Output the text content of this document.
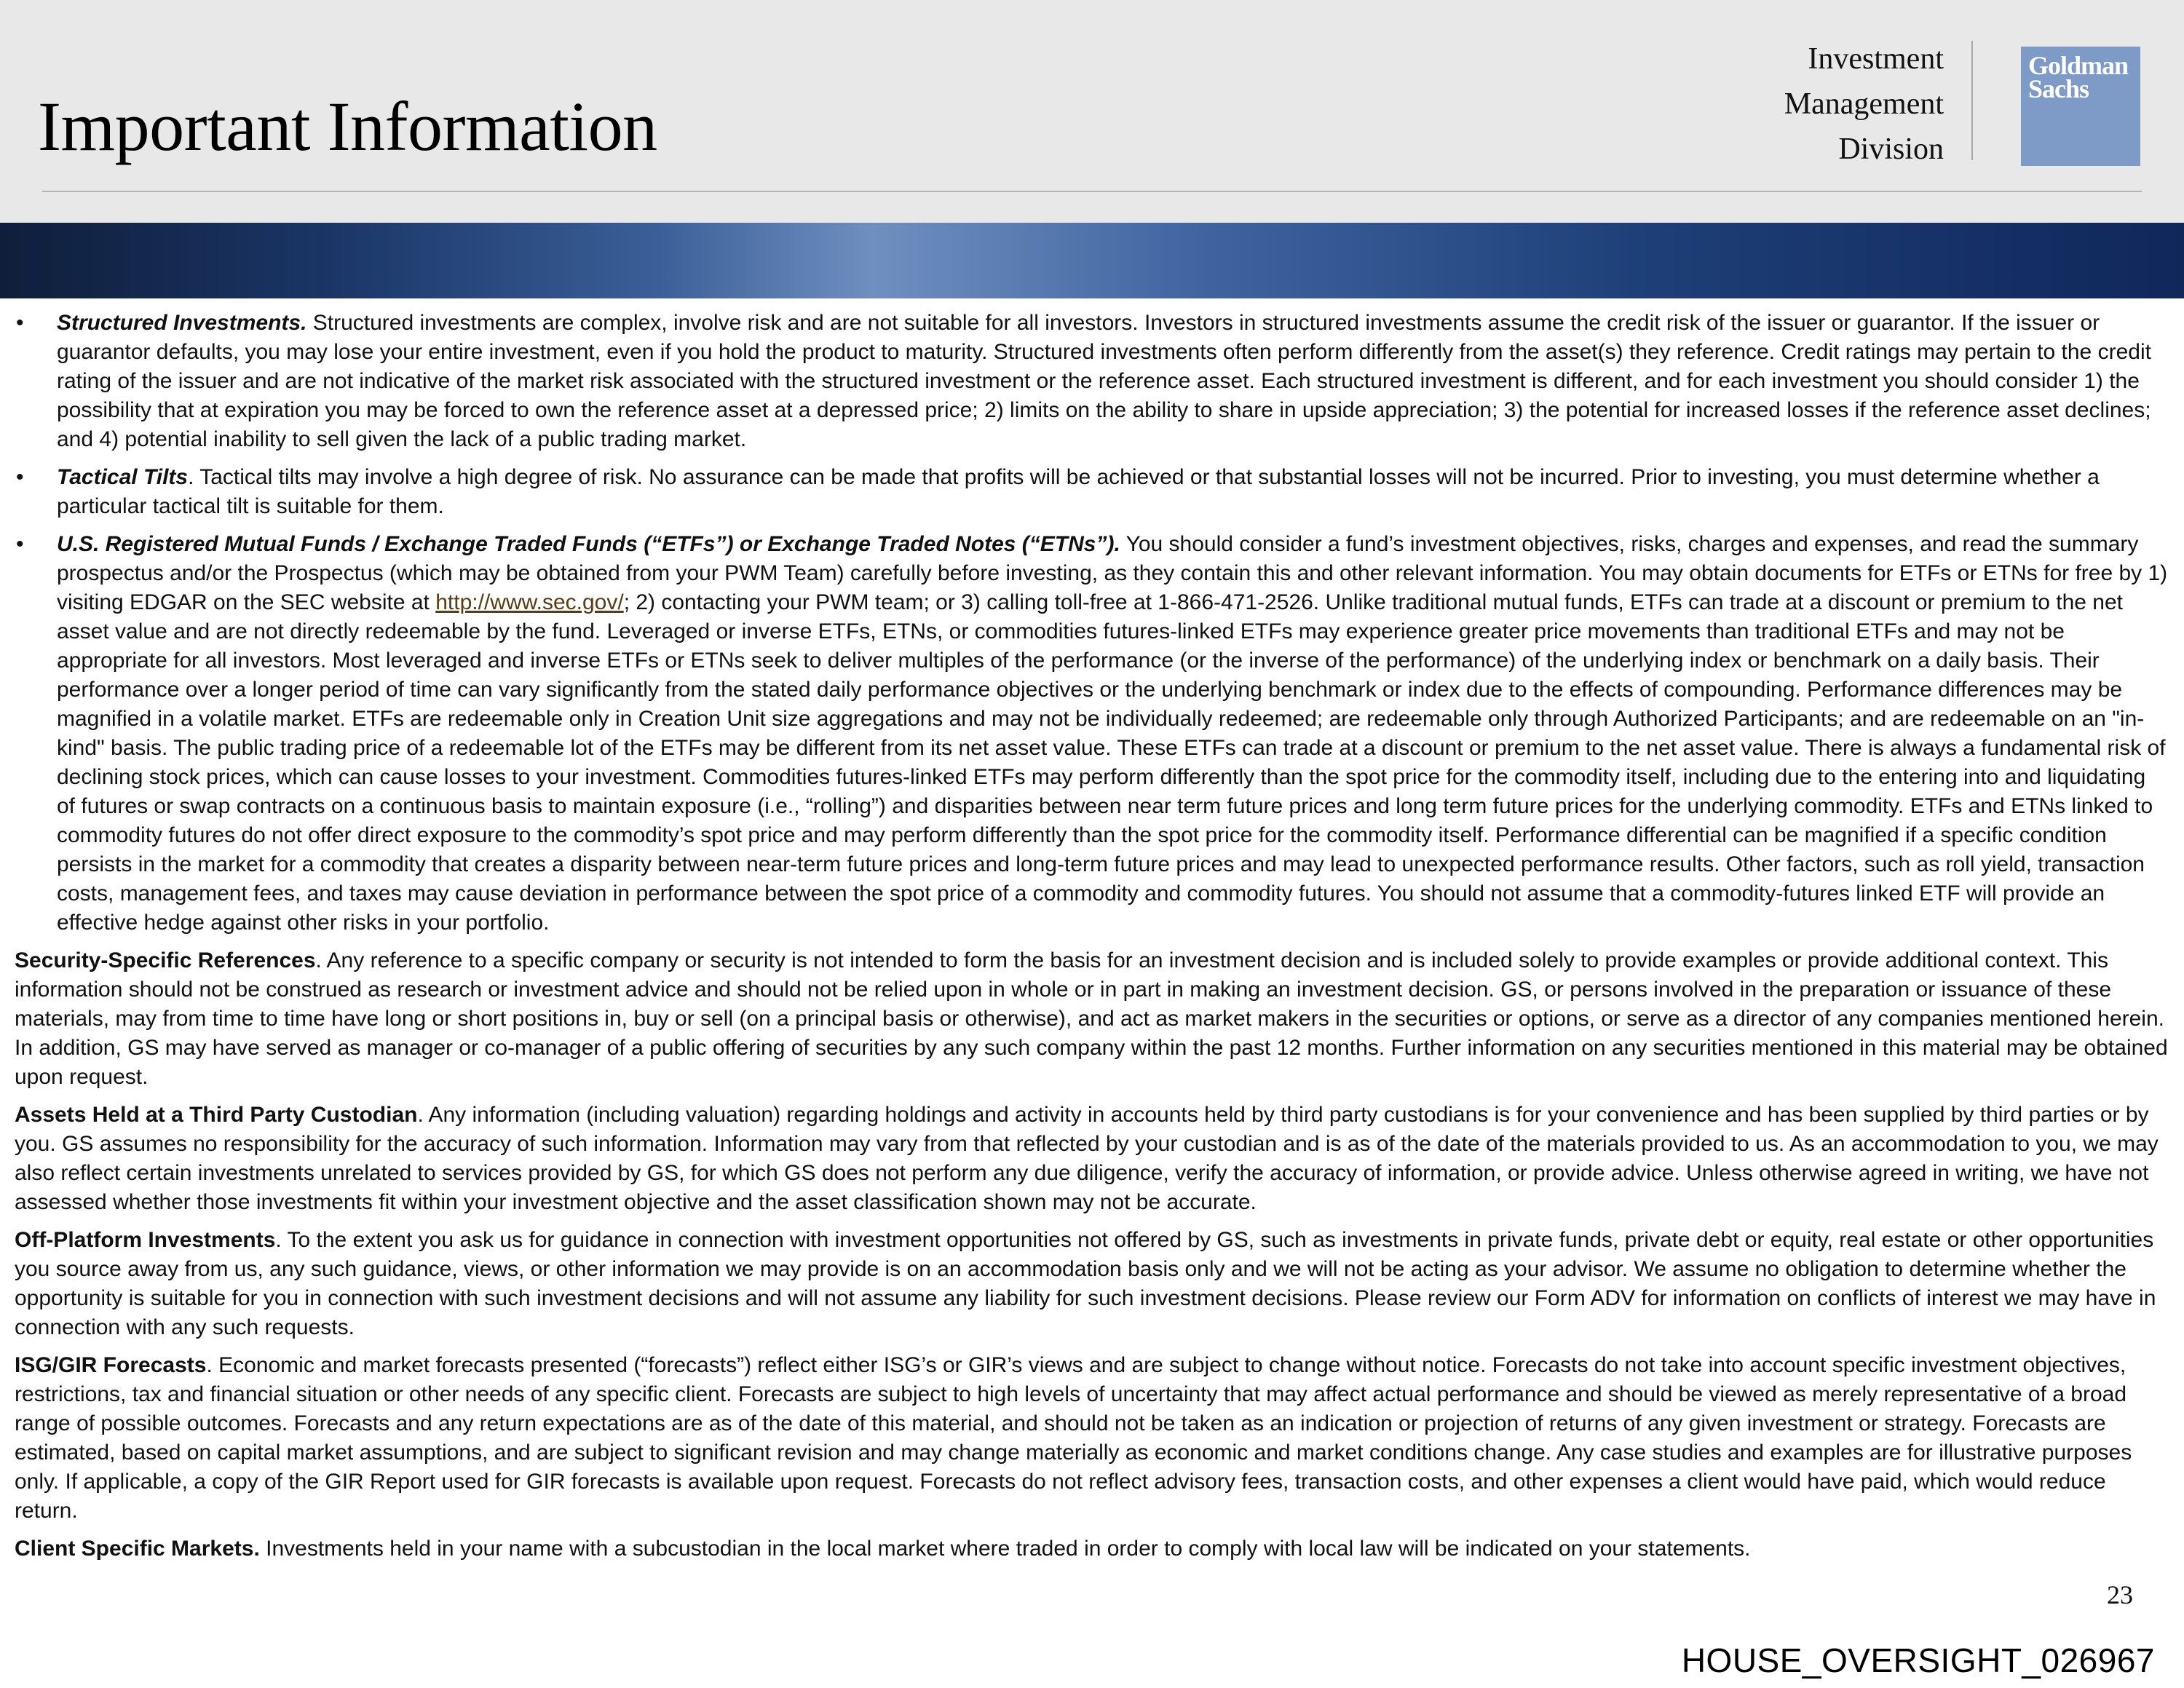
Important Information
Investment
Management
Division
Goldman
Sachs
• Structured Investments. Structured investments are complex, involve risk and are not suitable for all investors. Investors in structured investments assume the credit risk of the issuer or guarantor. If the issuer or guarantor defaults, you may lose your entire investment, even if you hold the product to maturity. Structured investments often perform differently from the asset(s) they reference. Credit ratings may pertain to the credit rating of the issuer and are not indicative of the market risk associated with the structured investment or the reference asset. Each structured investment is different, and for each investment you should consider 1) the possibility that at expiration you may be forced to own the reference asset at a depressed price; 2) limits on the ability to share in upside appreciation; 3) the potential for increased losses if the reference asset declines; and 4) potential inability to sell given the lack of a public trading market.
• Tactical Tilts. Tactical tilts may involve a high degree of risk. No assurance can be made that profits will be achieved or that substantial losses will not be incurred. Prior to investing, you must determine whether a particular tactical tilt is suitable for them.
• U.S. Registered Mutual Funds / Exchange Traded Funds (“ETFs”) or Exchange Traded Notes (“ETNs”). You should consider a fund’s investment objectives, risks, charges and expenses, and read the summary prospectus and/or the Prospectus (which may be obtained from your PWM Team) carefully before investing, as they contain this and other relevant information. You may obtain documents for ETFs or ETNs for free by 1) visiting EDGAR on the SEC website at http://www.sec.gov/; 2) contacting your PWM team; or 3) calling toll-free at 1-866-471-2526. Unlike traditional mutual funds, ETFs can trade at a discount or premium to the net asset value and are not directly redeemable by the fund. Leveraged or inverse ETFs, ETNs, or commodities futures-linked ETFs may experience greater price movements than traditional ETFs and may not be appropriate for all investors. Most leveraged and inverse ETFs or ETNs seek to deliver multiples of the performance (or the inverse of the performance) of the underlying index or benchmark on a daily basis. Their performance over a longer period of time can vary significantly from the stated daily performance objectives or the underlying benchmark or index due to the effects of compounding. Performance differences may be magnified in a volatile market. ETFs are redeemable only in Creation Unit size aggregations and may not be individually redeemed; are redeemable only through Authorized Participants; and are redeemable on an "in-kind" basis. The public trading price of a redeemable lot of the ETFs may be different from its net asset value. These ETFs can trade at a discount or premium to the net asset value. There is always a fundamental risk of declining stock prices, which can cause losses to your investment. Commodities futures-linked ETFs may perform differently than the spot price for the commodity itself, including due to the entering into and liquidating of futures or swap contracts on a continuous basis to maintain exposure (i.e., “rolling”) and disparities between near term future prices and long term future prices for the underlying commodity. ETFs and ETNs linked to commodity futures do not offer direct exposure to the commodity’s spot price and may perform differently than the spot price for the commodity itself. Performance differential can be magnified if a specific condition persists in the market for a commodity that creates a disparity between near-term future prices and long-term future prices and may lead to unexpected performance results. Other factors, such as roll yield, transaction costs, management fees, and taxes may cause deviation in performance between the spot price of a commodity and commodity futures. You should not assume that a commodity-futures linked ETF will provide an effective hedge against other risks in your portfolio.
Security-Specific References. Any reference to a specific company or security is not intended to form the basis for an investment decision and is included solely to provide examples or provide additional context. This information should not be construed as research or investment advice and should not be relied upon in whole or in part in making an investment decision. GS, or persons involved in the preparation or issuance of these materials, may from time to time have long or short positions in, buy or sell (on a principal basis or otherwise), and act as market makers in the securities or options, or serve as a director of any companies mentioned herein. In addition, GS may have served as manager or co-manager of a public offering of securities by any such company within the past 12 months. Further information on any securities mentioned in this material may be obtained upon request.
Assets Held at a Third Party Custodian. Any information (including valuation) regarding holdings and activity in accounts held by third party custodians is for your convenience and has been supplied by third parties or by you. GS assumes no responsibility for the accuracy of such information. Information may vary from that reflected by your custodian and is as of the date of the materials provided to us. As an accommodation to you, we may also reflect certain investments unrelated to services provided by GS, for which GS does not perform any due diligence, verify the accuracy of information, or provide advice. Unless otherwise agreed in writing, we have not assessed whether those investments fit within your investment objective and the asset classification shown may not be accurate.
Off-Platform Investments. To the extent you ask us for guidance in connection with investment opportunities not offered by GS, such as investments in private funds, private debt or equity, real estate or other opportunities you source away from us, any such guidance, views, or other information we may provide is on an accommodation basis only and we will not be acting as your advisor. We assume no obligation to determine whether the opportunity is suitable for you in connection with such investment decisions and will not assume any liability for such investment decisions. Please review our Form ADV for information on conflicts of interest we may have in connection with any such requests.
ISG/GIR Forecasts. Economic and market forecasts presented (“forecasts”) reflect either ISG’s or GIR’s views and are subject to change without notice. Forecasts do not take into account specific investment objectives, restrictions, tax and financial situation or other needs of any specific client. Forecasts are subject to high levels of uncertainty that may affect actual performance and should be viewed as merely representative of a broad range of possible outcomes. Forecasts and any return expectations are as of the date of this material, and should not be taken as an indication or projection of returns of any given investment or strategy. Forecasts are estimated, based on capital market assumptions, and are subject to significant revision and may change materially as economic and market conditions change. Any case studies and examples are for illustrative purposes only. If applicable, a copy of the GIR Report used for GIR forecasts is available upon request. Forecasts do not reflect advisory fees, transaction costs, and other expenses a client would have paid, which would reduce return.
Client Specific Markets. Investments held in your name with a subcustodian in the local market where traded in order to comply with local law will be indicated on your statements.
23
HOUSE_OVERSIGHT_026967
